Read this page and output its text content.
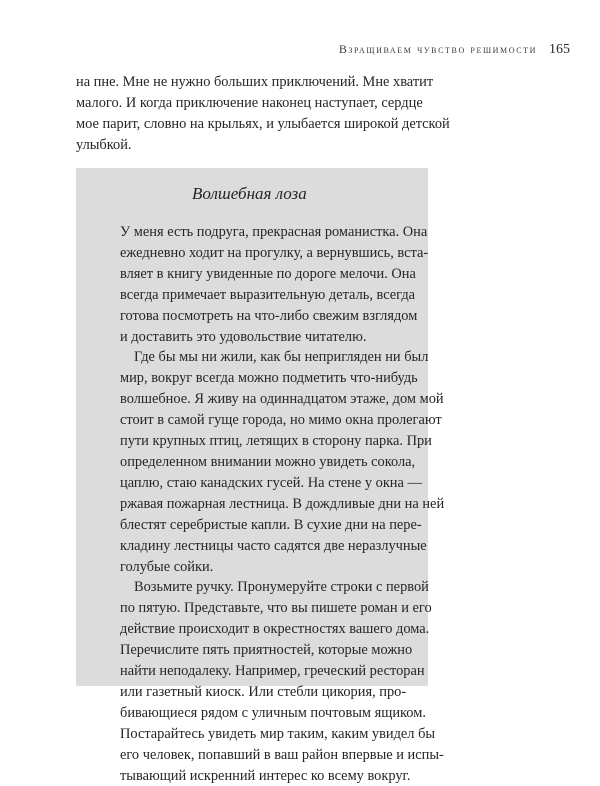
Взращиваем чувство решимости 165
на пне. Мне не нужно больших приключений. Мне хватит
малого. И когда приключение наконец наступает, сердце
мое парит, словно на крыльях, и улыбается широкой детской
улыбкой.
Волшебная лоза
У меня есть подруга, прекрасная романистка. Она
ежедневно ходит на прогулку, а вернувшись, вста-
вляет в книгу увиденные по дороге мелочи. Она
всегда примечает выразительную деталь, всегда
готова посмотреть на что-либо свежим взглядом
и доставить это удовольствие читателю.
Где бы мы ни жили, как бы неприглядeн ни был
мир, вокруг всегда можно подметить что-нибудь
волшебное. Я живу на одиннадцатом этаже, дом мой
стоит в самой гуще города, но мимо окна пролегают
пути крупных птиц, летящих в сторону парка. При
определенном внимании можно увидеть сокола,
цаплю, стаю канадских гусей. На стене у окна —
ржавая пожарная лестница. В дождливые дни на ней
блестят серебристые капли. В сухие дни на пере-
кладину лестницы часто садятся две неразлучные
голубые сойки.
Возьмите ручку. Пронумеруйте строки с первой
по пятую. Представьте, что вы пишете роман и его
действие происходит в окрестностях вашего дома.
Перечислите пять приятностей, которые можно
найти неподалеку. Например, греческий ресторан
или газетный киоск. Или стебли цикория, про-
бивающиеся рядом с уличным почтовым ящиком.
Постарайтесь увидеть мир таким, каким увидел бы
его человек, попавший в ваш район впервые и испы-
тывающий искренний интерес ко всему вокруг.
